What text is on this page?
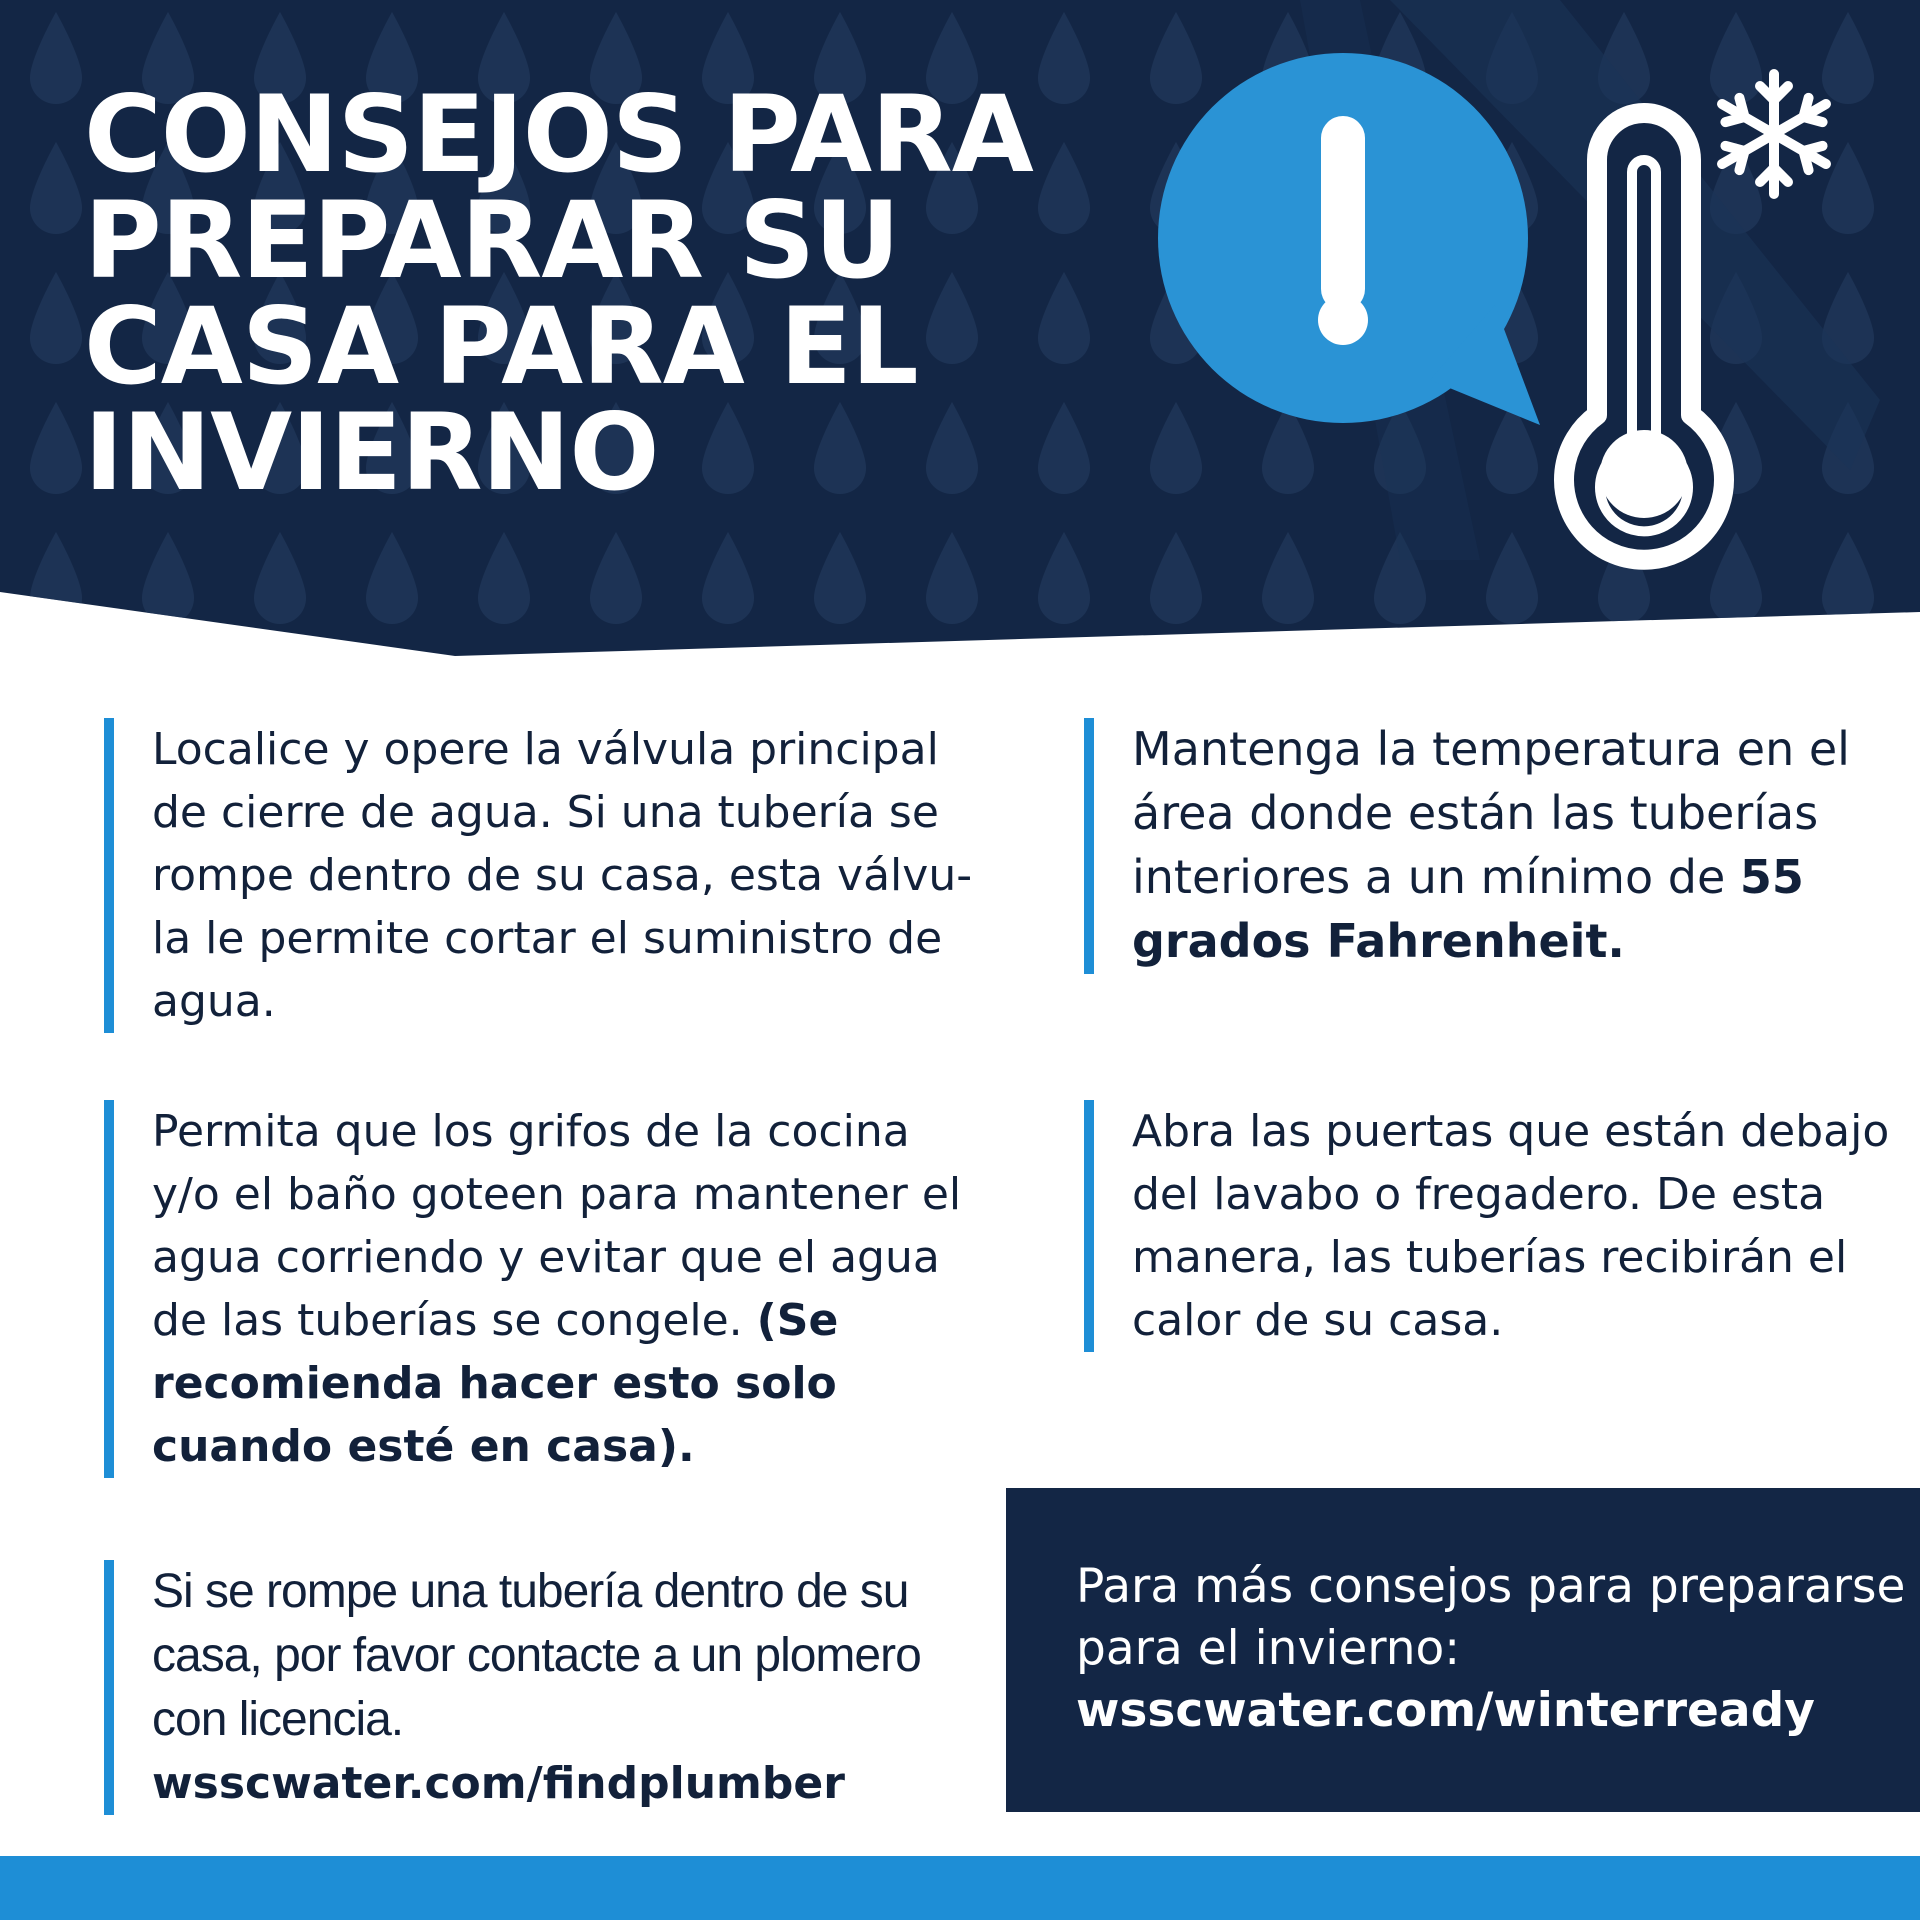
CONSEJOS PARA
PREPARAR SU
CASA PARA EL
INVIERNO

Localice y opere la válvula principal de cierre de agua. Si una tubería se rompe dentro de su casa, esta válvu-la le permite cortar el suministro de agua.

Mantenga la temperatura en el área donde están las tuberías interiores a un mínimo de 55 grados Fahrenheit.

Permita que los grifos de la cocina y/o el baño goteen para mantener el agua corriendo y evitar que el agua de las tuberías se congele. (Se recomienda hacer esto solo cuando esté en casa).

Abra las puertas que están debajo del lavabo o fregadero. De esta manera, las tuberías recibirán el calor de su casa.

Si se rompe una tubería dentro de su casa, por favor contacte a un plomero con licencia.
wsscwater.com/findplumber

Para más consejos para prepararse para el invierno:
wsscwater.com/winterready
